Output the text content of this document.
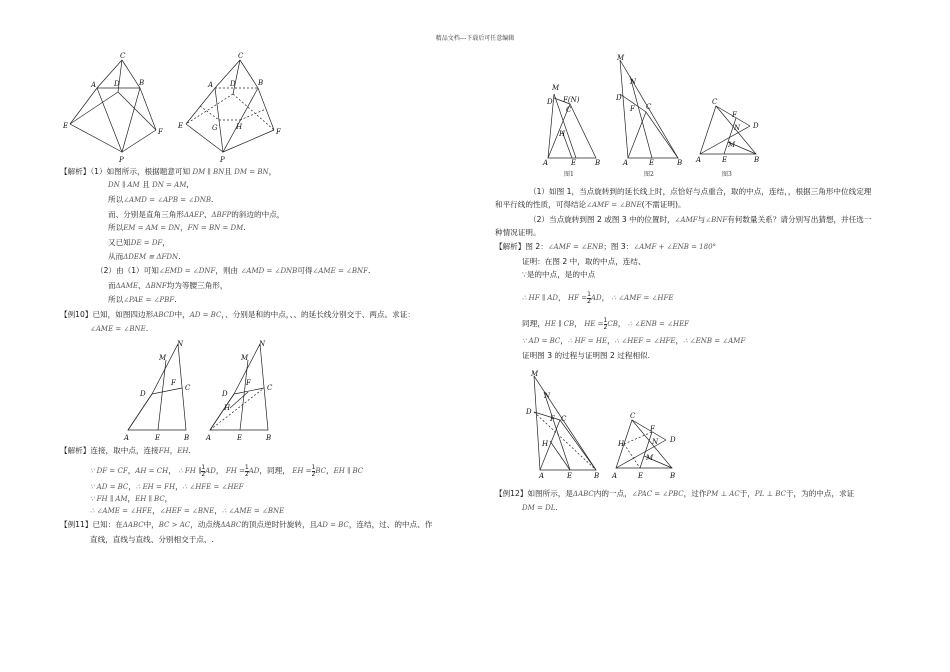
精品文档---下载后可任意编辑
C
A	D	B
E
F
P
C
A D	B
E
F
P
G	H
【解析】（1）如图所示，根据题意可知 DM ∥ BN且 DM = BN，
DN ∥ AM 且 DN = AM,
所以∠AMD = ∠APB = ∠DNB.
而、分别是直角三角形ΔAEP、ΔBFP的斜边的中点，
所以EM = AM = DN，FN = BN = DM.
又已知DE = DF，
从而ΔDEM ≌ ΔFDN.
（2）由（1）可知∠EMD = ∠DNF，则由 ∠AMD = ∠DNB可得∠AME = ∠BNF.
而ΔAME、ΔBNF均为等腰三角形，
所以∠PAE = ∠PBF.
【例10】已知，如图四边形ABCD中，AD = BC，、分别是和的中点，、、的延长线分别交于、两点。求证：
∠AME = ∠BNE.
M
N
D
F
C
A	E	B
M
N
D
F
C
H
A	E	B
【解析】连接，取中点，连接FH，EH.
∵ DF = CF，AH = CH， ∴ FH ∥ $\frac{1}{2}$ AD， FH = $\frac{1}{2}$ AD，同理， EH = $\frac{1}{2}$ BC，EH ∥ BC
∵ AD = BC，∴ EH = FH，∴ ∠HFE = ∠HEF
∵ FH ∥ AM，EH ∥ BC，
∴ ∠AME = ∠HFE，∠HEF = ∠BNE，∴ ∠AME = ∠BNE
【例11】已知：在ΔABC中，BC > AC，动点绕ΔABC的顶点逆时针旋转，且AD = BC，连结，过、的中点、作
直线，直线与直线、分别相交于点、.
M
D
C
F(N)
H
A	E	B
图1
M
N
D
F C
A	E	B
图2
C
F
N D
M
A	E	B
图3
（1）如图 1，当点旋转到的延长线上时，点恰好与点重合，取的中点，连结，，根据三角形中位线定理
和平行线的性质，可得结论∠AMF = ∠BNE(不需证明)。
（2）当点旋转到图 2 或图 3 中的位置时，∠AMF与∠BNF有何数量关系？请分别写出猜想，并任选一
种情况证明。
【解析】图 2：∠AMF = ∠ENB；图 3：∠AMF + ∠ENB = 180°
证明：在图 2 中，取的中点，连结、
∵是的中点，是的中点
∴ HF ∥ AD， HF = $\frac{1}{2}$ AD， ∴ ∠AMF = ∠HFE
同理，HE ∥ CB， HE = $\frac{1}{2}$ CB， ∴ ∠ENB = ∠HEF
∵ AD = BC，∴ HF = HE，∴ ∠HEF = ∠HFE，∴ ∠ENB = ∠AMF
证明图 3 的过程与证明图 2 过程相似.
M
D
N
F C
H
A	E	B
C
H
F
N D
M
A	E	B
【例12】如图所示，是ΔABC内的一点，∠PAC = ∠PBC，过作PM ⊥ AC于，PL ⊥ BC于，为的中点，求证
DM = DL.
